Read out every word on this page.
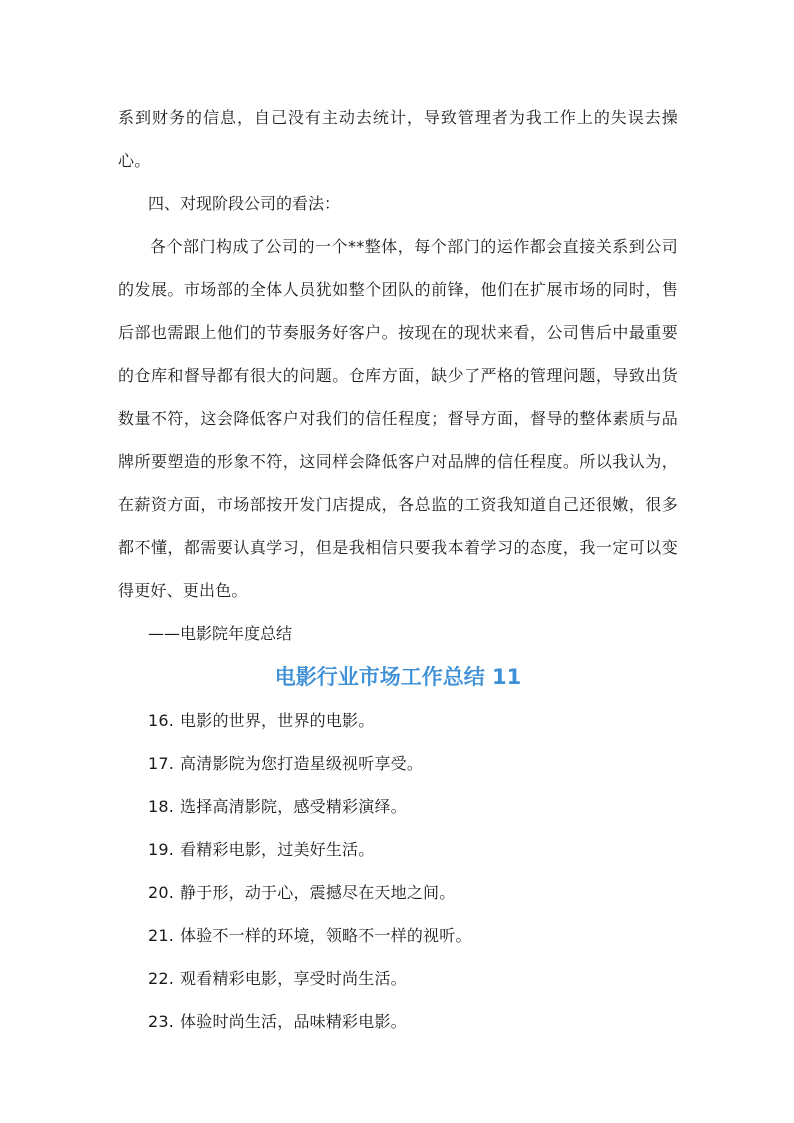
系到财务的信息，自己没有主动去统计，导致管理者为我工作上的失误去操心。

四、对现阶段公司的看法：

各个部门构成了公司的一个**整体，每个部门的运作都会直接关系到公司的发展。市场部的全体人员犹如整个团队的前锋，他们在扩展市场的同时，售后部也需跟上他们的节奏服务好客户。按现在的现状来看，公司售后中最重要的仓库和督导都有很大的问题。仓库方面，缺少了严格的管理问题，导致出货数量不符，这会降低客户对我们的信任程度；督导方面，督导的整体素质与品牌所要塑造的形象不符，这同样会降低客户对品牌的信任程度。所以我认为，在薪资方面，市场部按开发门店提成，各总监的工资我知道自己还很嫩，很多都不懂，都需要认真学习，但是我相信只要我本着学习的态度，我一定可以变得更好、更出色。

——电影院年度总结

电影行业市场工作总结 11
16. 电影的世界，世界的电影。
17. 高清影院为您打造星级视听享受。
18. 选择高清影院，感受精彩演绎。
19. 看精彩电影，过美好生活。
20. 静于形，动于心，震撼尽在天地之间。
21. 体验不一样的环境，领略不一样的视听。
22. 观看精彩电影，享受时尚生活。
23. 体验时尚生活，品味精彩电影。
